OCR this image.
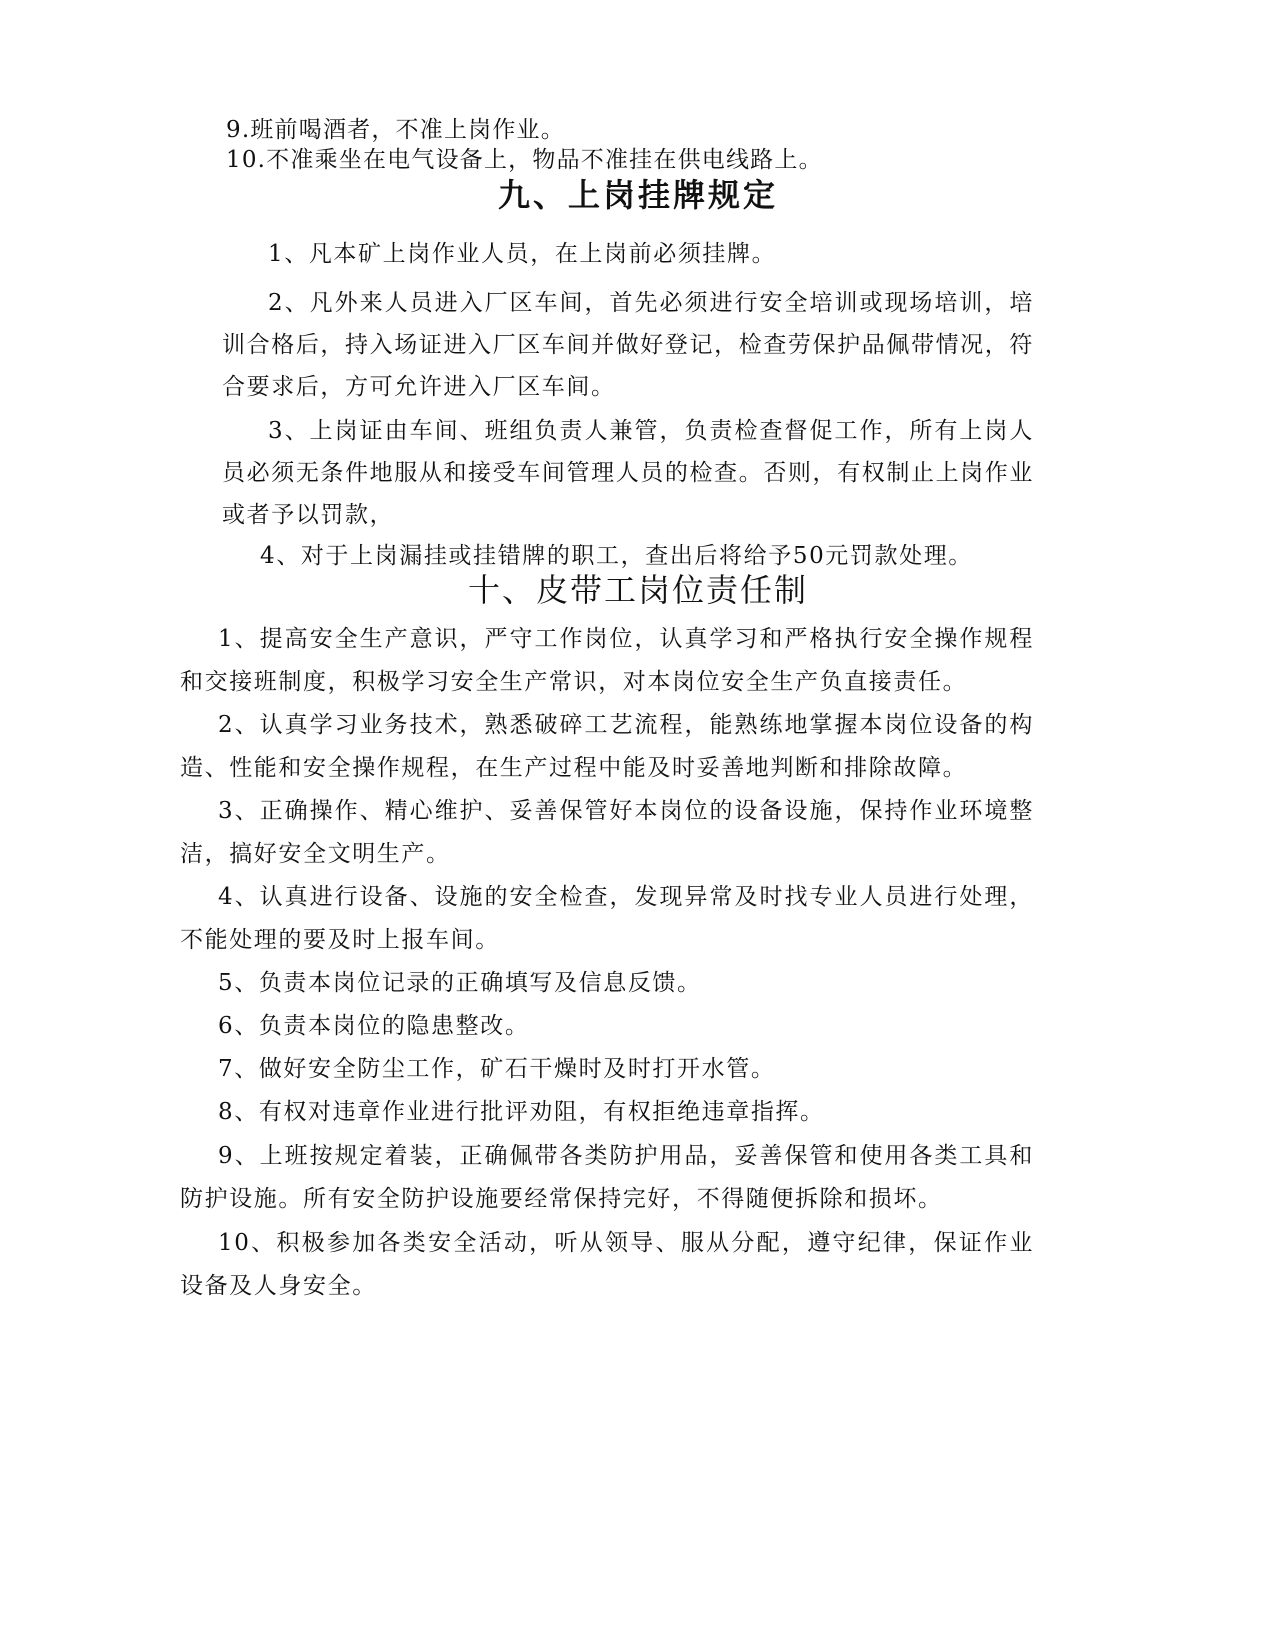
9.班前喝酒者，不准上岗作业。
10.不准乘坐在电气设备上，物品不准挂在供电线路上。
九、上岗挂牌规定
1、凡本矿上岗作业人员，在上岗前必须挂牌。
2、凡外来人员进入厂区车间，首先必须进行安全培训或现场培训，培训合格后，持入场证进入厂区车间并做好登记，检查劳保护品佩带情况，符合要求后，方可允许进入厂区车间。
3、上岗证由车间、班组负责人兼管，负责检查督促工作，所有上岗人员必须无条件地服从和接受车间管理人员的检查。否则，有权制止上岗作业或者予以罚款，
4、对于上岗漏挂或挂错牌的职工，查出后将给予50元罚款处理。
十、皮带工岗位责任制
1、提高安全生产意识，严守工作岗位，认真学习和严格执行安全操作规程和交接班制度，积极学习安全生产常识，对本岗位安全生产负直接责任。
2、认真学习业务技术，熟悉破碎工艺流程，能熟练地掌握本岗位设备的构造、性能和安全操作规程，在生产过程中能及时妥善地判断和排除故障。
3、正确操作、精心维护、妥善保管好本岗位的设备设施，保持作业环境整洁，搞好安全文明生产。
4、认真进行设备、设施的安全检查，发现异常及时找专业人员进行处理，不能处理的要及时上报车间。
5、负责本岗位记录的正确填写及信息反馈。
6、负责本岗位的隐患整改。
7、做好安全防尘工作，矿石干燥时及时打开水管。
8、有权对违章作业进行批评劝阻，有权拒绝违章指挥。
9、上班按规定着装，正确佩带各类防护用品，妥善保管和使用各类工具和防护设施。所有安全防护设施要经常保持完好，不得随便拆除和损坏。
10、积极参加各类安全活动，听从领导、服从分配，遵守纪律，保证作业设备及人身安全。
